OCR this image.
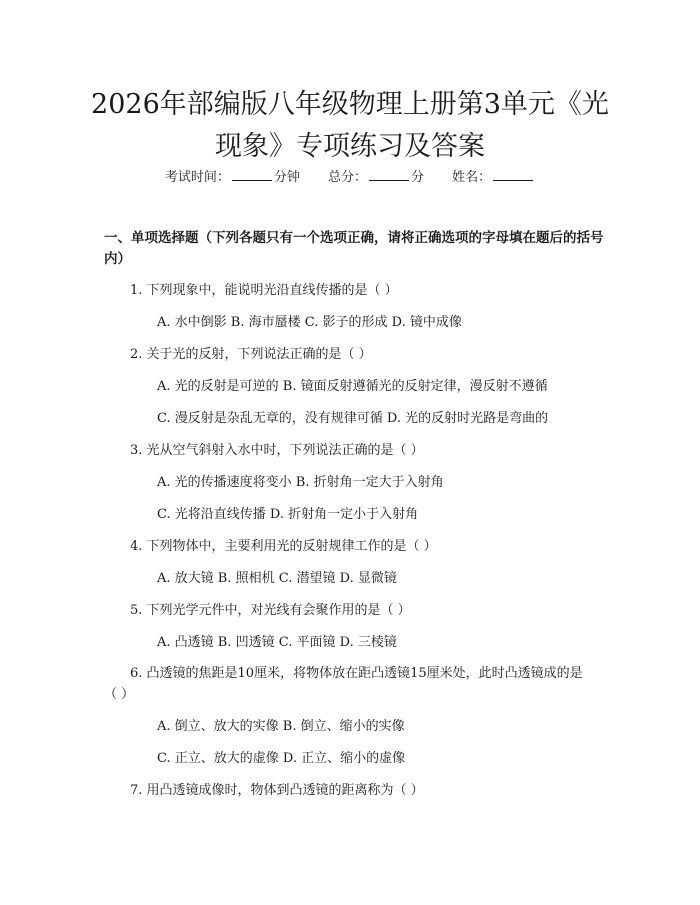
2026年部编版八年级物理上册第3单元《光现象》专项练习及答案
考试时间：	分钟 总分：	分 姓名：
一、单项选择题（下列各题只有一个选项正确，请将正确选项的字母填在题后的括号内）
1. 下列现象中，能说明光沿直线传播的是（ ）
A. 水中倒影 B. 海市蜃楼 C. 影子的形成 D. 镜中成像
2. 关于光的反射，下列说法正确的是（ ）
A. 光的反射是可逆的 B. 镜面反射遵循光的反射定律，漫反射不遵循
C. 漫反射是杂乱无章的，没有规律可循 D. 光的反射时光路是弯曲的
3. 光从空气斜射入水中时，下列说法正确的是（ ）
A. 光的传播速度将变小 B. 折射角一定大于入射角
C. 光将沿直线传播 D. 折射角一定小于入射角
4. 下列物体中，主要利用光的反射规律工作的是（ ）
A. 放大镜 B. 照相机 C. 潜望镜 D. 显微镜
5. 下列光学元件中，对光线有会聚作用的是（ ）
A. 凸透镜 B. 凹透镜 C. 平面镜 D. 三棱镜
6. 凸透镜的焦距是10厘米，将物体放在距凸透镜15厘米处，此时凸透镜成的是（ ）
A. 倒立、放大的实像 B. 倒立、缩小的实像
C. 正立、放大的虚像 D. 正立、缩小的虚像
7. 用凸透镜成像时，物体到凸透镜的距离称为（ ）
